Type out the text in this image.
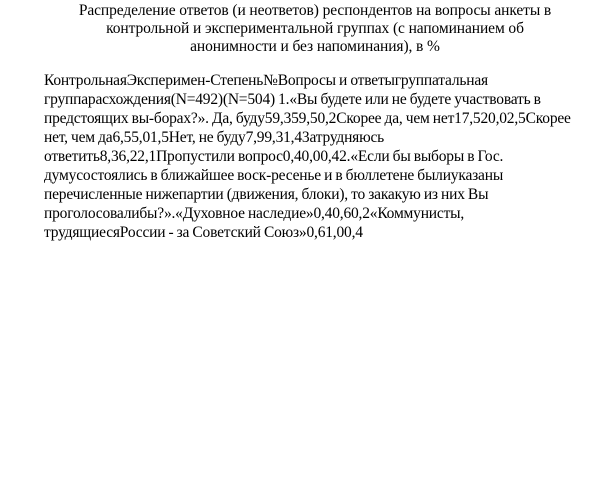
Распределение ответов (и неответов) респондентов на вопросы анкеты в
контрольной и экспериментальной группах (с напоминанием об
анонимности и без напоминания), в %
КонтрольнаяЭксперимен-Степень№Вопросы и ответыгруппатальная
группарасхождения(N=492)(N=504) 1.«Вы будете или не будете участвовать в
предстоящих вы-борах?». Да, буду59,359,50,2Скорее да, чем нет17,520,02,5Скорее
нет, чем да6,55,01,5Нет, не буду7,99,31,43атрудняюсь
ответить8,36,22,1Пропустили вопрос0,40,00,42.«Если бы выборы в Гос.
думусостоялись в ближайшее воск-ресенье и в бюллетене былиуказаны
перечисленные нижепартии (движения, блоки), то закакую из них Вы
проголосовалибы?».«Духовное наследие»0,40,60,2«Коммунисты,
трудящиесяРоссии - за Советский Союз»0,61,00,4
